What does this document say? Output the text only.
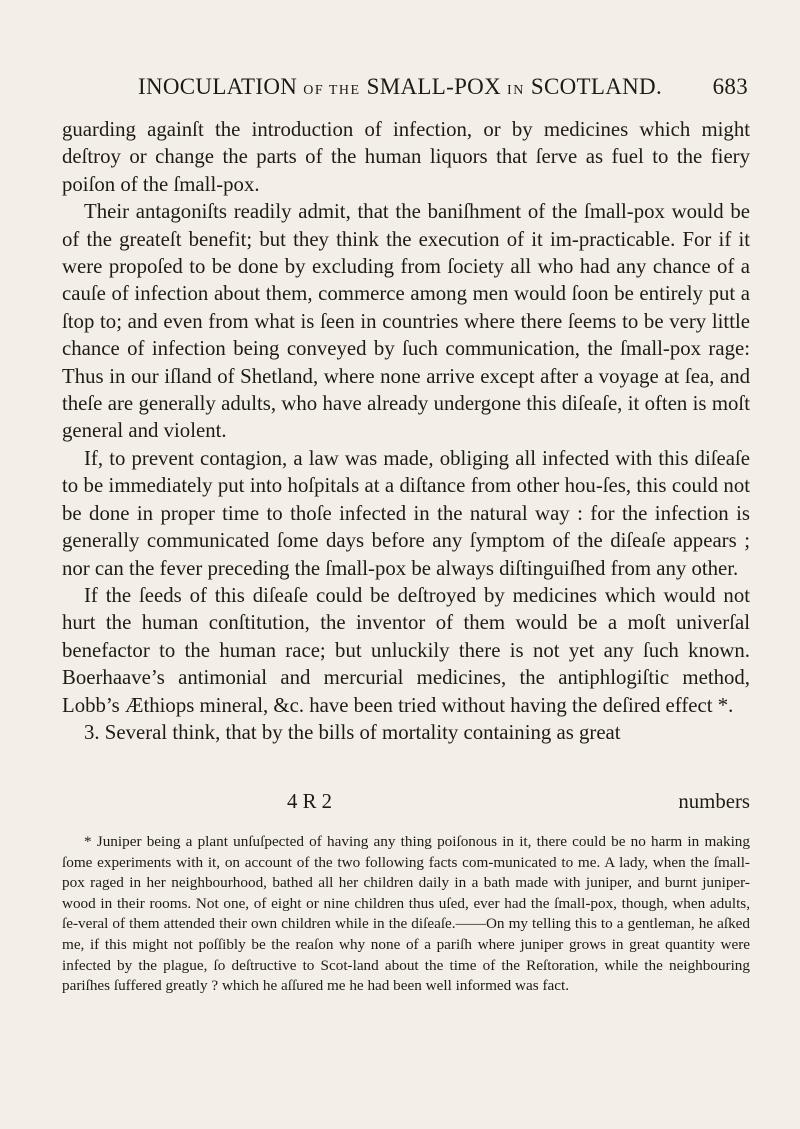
INOCULATION OF THE SMALL-POX IN SCOTLAND. 683

guarding againſt the introduction of infection, or by medicines which might deſtroy or change the parts of the human liquors that ſerve as fuel to the fiery poiſon of the ſmall-pox.

Their antagoniſts readily admit, that the baniſhment of the ſmall-pox would be of the greateſt benefit; but they think the execution of it im-practicable. For if it were propoſed to be done by excluding from ſociety all who had any chance of a cauſe of infection about them, commerce among men would ſoon be entirely put a ſtop to; and even from what is ſeen in countries where there ſeems to be very little chance of infection being conveyed by ſuch communication, the ſmall-pox rage: Thus in our iſland of Shetland, where none arrive except after a voyage at ſea, and theſe are generally adults, who have already undergone this diſeaſe, it often is moſt general and violent.

If, to prevent contagion, a law was made, obliging all infected with this diſeaſe to be immediately put into hoſpitals at a diſtance from other hou-ſes, this could not be done in proper time to thoſe infected in the natural way : for the infection is generally communicated ſome days before any ſymptom of the diſeaſe appears ; nor can the fever preceding the ſmall-pox be always diſtinguiſhed from any other.

If the ſeeds of this diſeaſe could be deſtroyed by medicines which would not hurt the human conſtitution, the inventor of them would be a moſt univerſal benefactor to the human race; but unluckily there is not yet any ſuch known. Boerhaave’s antimonial and mercurial medicines, the antiphlogiſtic method, Lobb’s Æthiops mineral, &c. have been tried without having the deſired effect *.

3. Several think, that by the bills of mortality containing as great

4 R 2	numbers

* Juniper being a plant unſuſpected of having any thing poiſonous in it, there could be no harm in making ſome experiments with it, on account of the two following facts com-municated to me. A lady, when the ſmall-pox raged in her neighbourhood, bathed all her children daily in a bath made with juniper, and burnt juniper-wood in their rooms. Not one, of eight or nine children thus uſed, ever had the ſmall-pox, though, when adults, ſe-veral of them attended their own children while in the diſeaſe.——On my telling this to a gentleman, he aſked me, if this might not poſſibly be the reaſon why none of a pariſh where juniper grows in great quantity were infected by the plague, ſo deſtructive to Scot-land about the time of the Reſtoration, while the neighbouring pariſhes ſuffered greatly ? which he aſſured me he had been well informed was fact.
